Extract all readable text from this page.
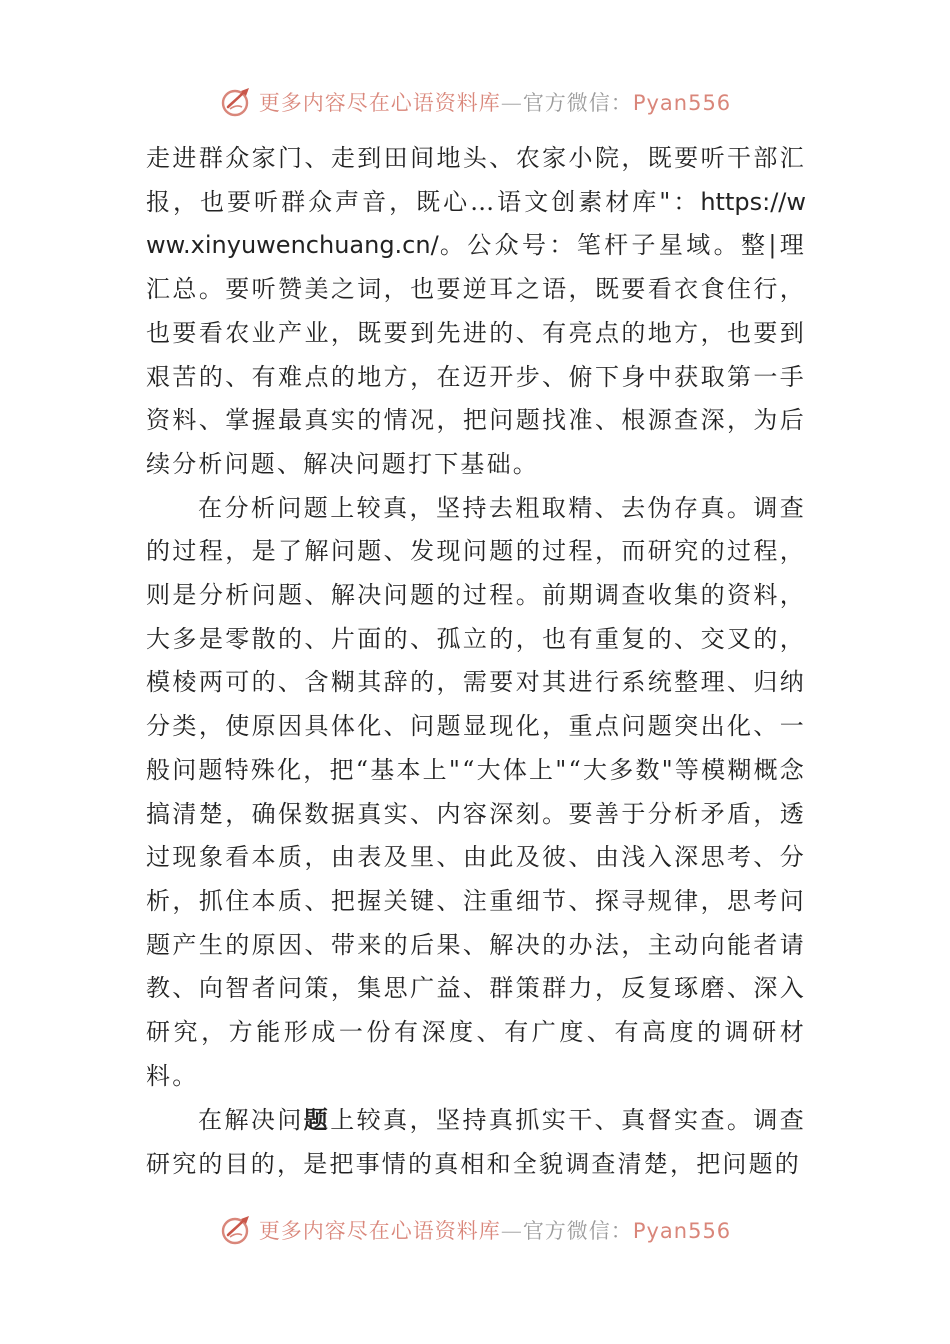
更多内容尽在心语资料库—官方微信：Pyan556

走进群众家门、走到田间地头、农家小院，既要听干部汇报，也要听群众声音，既心…语文创素材库"：https://www.xinyuwenchuang.cn/。公众号：笔杆子星域。整|理汇总。要听赞美之词，也要逆耳之语，既要看衣食住行，也要看农业产业，既要到先进的、有亮点的地方，也要到艰苦的、有难点的地方，在迈开步、俯下身中获取第一手资料、掌握最真实的情况，把问题找准、根源查深，为后续分析问题、解决问题打下基础。

在分析问题上较真，坚持去粗取精、去伪存真。调查的过程，是了解问题、发现问题的过程，而研究的过程，则是分析问题、解决问题的过程。前期调查收集的资料，大多是零散的、片面的、孤立的，也有重复的、交叉的，模棱两可的、含糊其辞的，需要对其进行系统整理、归纳分类，使原因具体化、问题显现化，重点问题突出化、一般问题特殊化，把“基本上"“大体上"“大多数"等模糊概念搞清楚，确保数据真实、内容深刻。要善于分析矛盾，透过现象看本质，由表及里、由此及彼、由浅入深思考、分析，抓住本质、把握关键、注重细节、探寻规律，思考问题产生的原因、带来的后果、解决的办法，主动向能者请教、向智者问策，集思广益、群策群力，反复琢磨、深入研究，方能形成一份有深度、有广度、有高度的调研材料。

在解决问题上较真，坚持真抓实干、真督实查。调查研究的目的，是把事情的真相和全貌调查清楚，把问题的

更多内容尽在心语资料库—官方微信：Pyan556
